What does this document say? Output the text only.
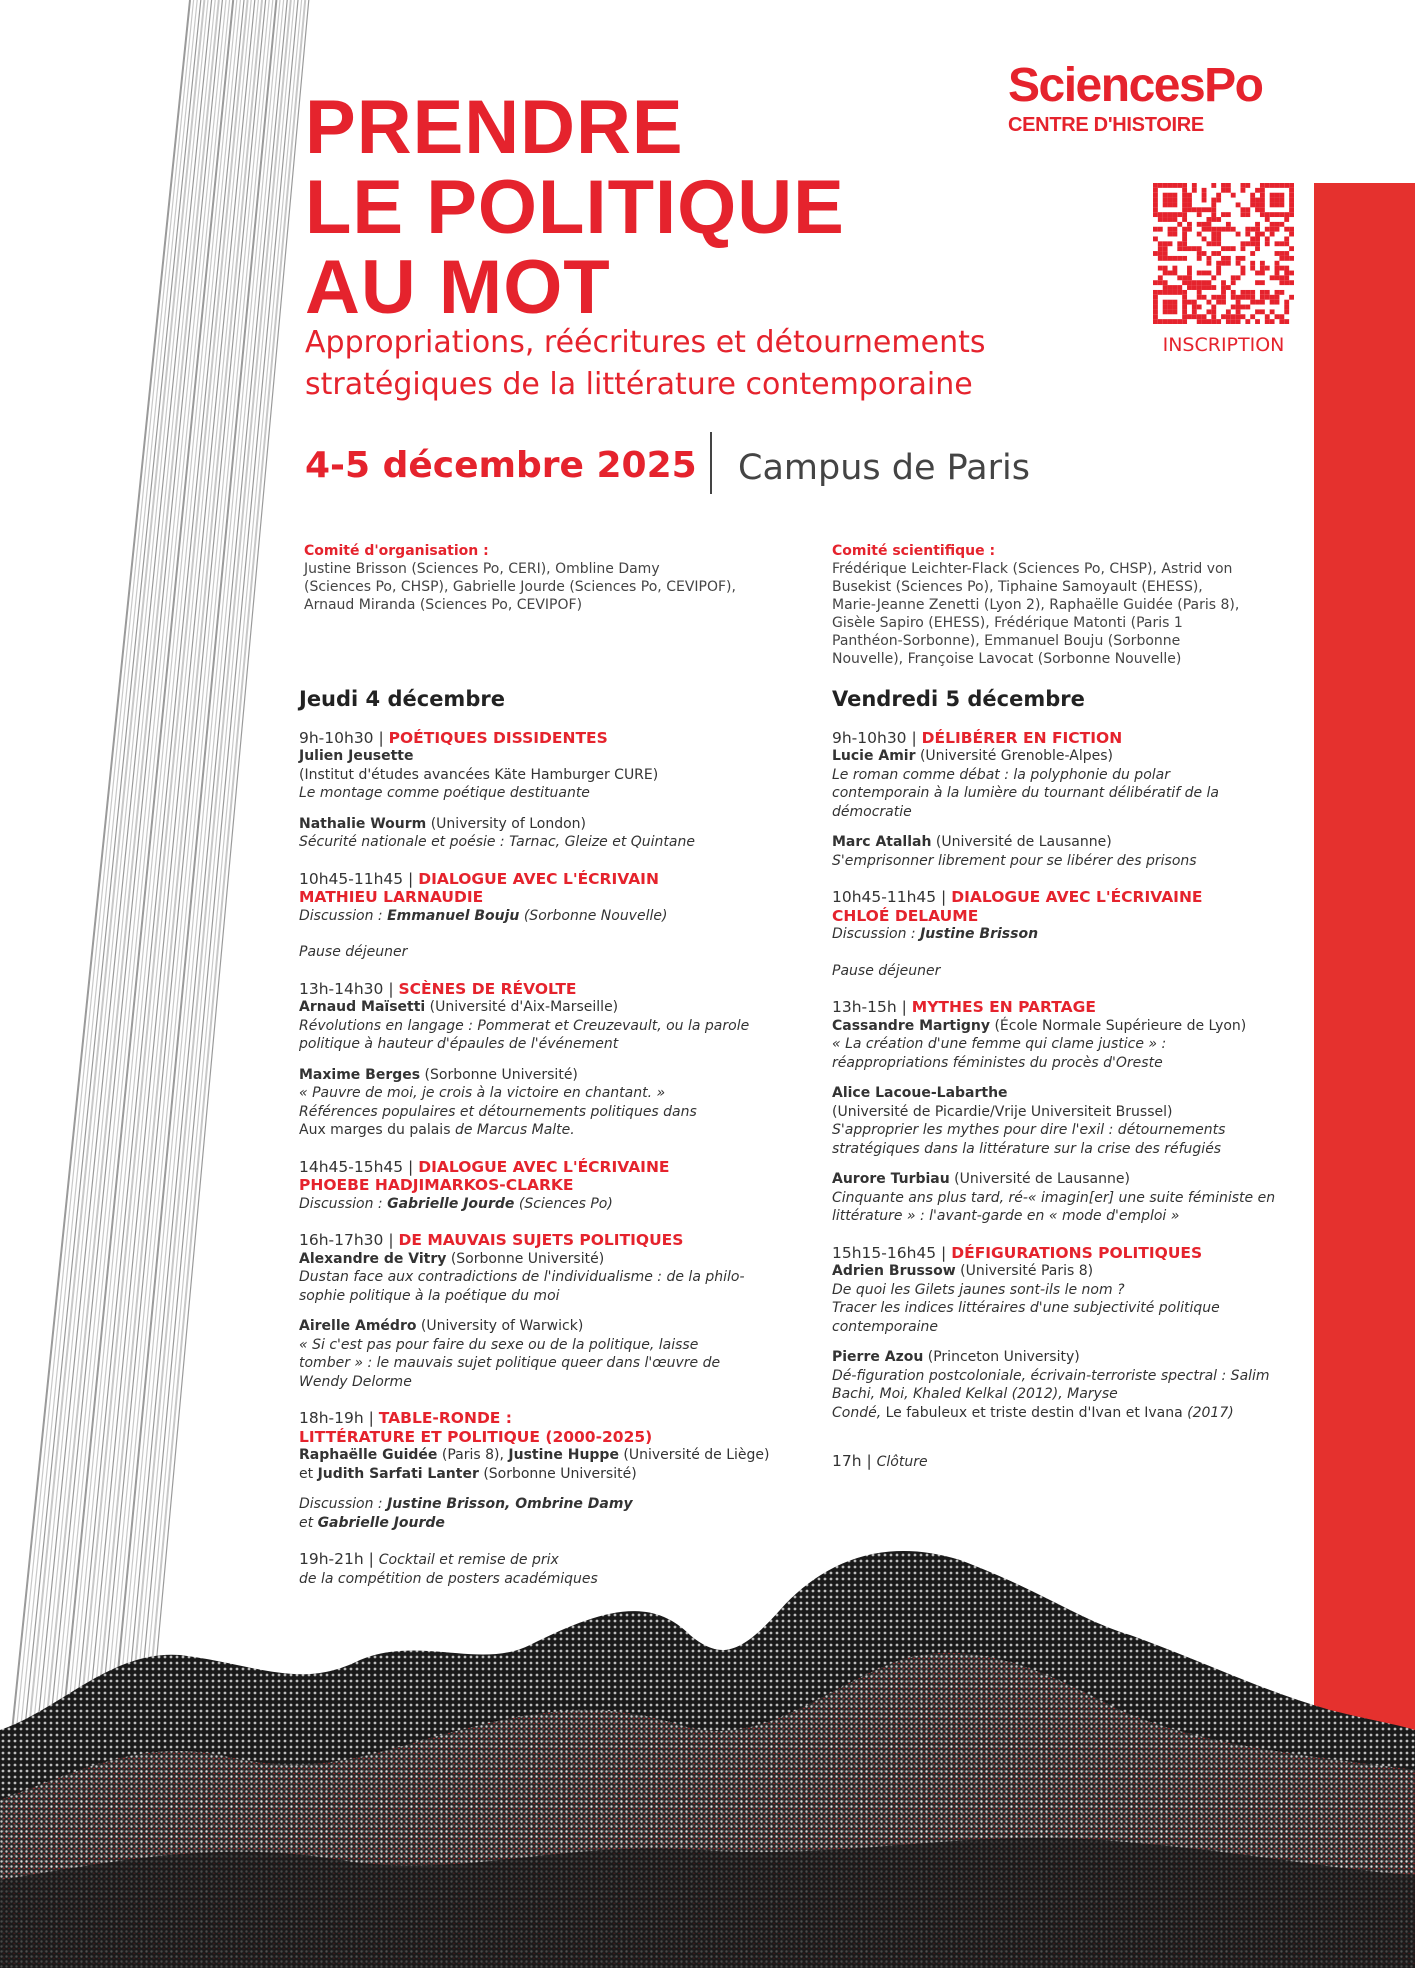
SciencesPo
CENTRE D'HISTOIRE
INSCRIPTION
PRENDRE
LE POLITIQUE
AU MOT
Appropriations, réécritures et détournements
stratégiques de la littérature contemporaine
4-5 décembre 2025 Campus de Paris
Comité d'organisation :
Justine Brisson (Sciences Po, CERI), Ombline Damy
(Sciences Po, CHSP), Gabrielle Jourde (Sciences Po, CEVIPOF),
Arnaud Miranda (Sciences Po, CEVIPOF)
Comité scientifique :
Frédérique Leichter-Flack (Sciences Po, CHSP), Astrid von
Busekist (Sciences Po), Tiphaine Samoyault (EHESS),
Marie-Jeanne Zenetti (Lyon 2), Raphaëlle Guidée (Paris 8),
Gisèle Sapiro (EHESS), Frédérique Matonti (Paris 1
Panthéon-Sorbonne), Emmanuel Bouju (Sorbonne
Nouvelle), Françoise Lavocat (Sorbonne Nouvelle)
Jeudi 4 décembre
9h-10h30 | POÉTIQUES DISSIDENTES
Julien Jeusette
(Institut d'études avancées Käte Hamburger CURE)
Le montage comme poétique destituante
Nathalie Wourm (University of London)
Sécurité nationale et poésie : Tarnac, Gleize et Quintane
10h45-11h45 | DIALOGUE AVEC L'ÉCRIVAIN
MATHIEU LARNAUDIE
Discussion : Emmanuel Bouju (Sorbonne Nouvelle)
Pause déjeuner
13h-14h30 | SCÈNES DE RÉVOLTE
Arnaud Maïsetti (Université d'Aix-Marseille)
Révolutions en langage : Pommerat et Creuzevault, ou la parole
politique à hauteur d'épaules de l'événement
Maxime Berges (Sorbonne Université)
« Pauvre de moi, je crois à la victoire en chantant. »
Références populaires et détournements politiques dans
Aux marges du palais de Marcus Malte.
14h45-15h45 | DIALOGUE AVEC L'ÉCRIVAINE
PHOEBE HADJIMARKOS-CLARKE
Discussion : Gabrielle Jourde (Sciences Po)
16h-17h30 | DE MAUVAIS SUJETS POLITIQUES
Alexandre de Vitry (Sorbonne Université)
Dustan face aux contradictions de l'individualisme : de la philo-
sophie politique à la poétique du moi
Airelle Amédro (University of Warwick)
« Si c'est pas pour faire du sexe ou de la politique, laisse
tomber » : le mauvais sujet politique queer dans l'œuvre de
Wendy Delorme
18h-19h | TABLE-RONDE :
LITTÉRATURE ET POLITIQUE (2000-2025)
Raphaëlle Guidée (Paris 8), Justine Huppe (Université de Liège)
et Judith Sarfati Lanter (Sorbonne Université)
Discussion : Justine Brisson, Ombrine Damy
et Gabrielle Jourde
19h-21h | Cocktail et remise de prix
de la compétition de posters académiques
Vendredi 5 décembre
9h-10h30 | DÉLIBÉRER EN FICTION
Lucie Amir (Université Grenoble-Alpes)
Le roman comme débat : la polyphonie du polar
contemporain à la lumière du tournant délibératif de la
démocratie
Marc Atallah (Université de Lausanne)
S'emprisonner librement pour se libérer des prisons
10h45-11h45 | DIALOGUE AVEC L'ÉCRIVAINE
CHLOÉ DELAUME
Discussion : Justine Brisson
Pause déjeuner
13h-15h | MYTHES EN PARTAGE
Cassandre Martigny (École Normale Supérieure de Lyon)
« La création d'une femme qui clame justice » :
réappropriations féministes du procès d'Oreste
Alice Lacoue-Labarthe
(Université de Picardie/Vrije Universiteit Brussel)
S'approprier les mythes pour dire l'exil : détournements
stratégiques dans la littérature sur la crise des réfugiés
Aurore Turbiau (Université de Lausanne)
Cinquante ans plus tard, ré-« imagin[er] une suite féministe en
littérature » : l'avant-garde en « mode d'emploi »
15h15-16h45 | DÉFIGURATIONS POLITIQUES
Adrien Brussow (Université Paris 8)
De quoi les Gilets jaunes sont-ils le nom ?
Tracer les indices littéraires d'une subjectivité politique
contemporaine
Pierre Azou (Princeton University)
Dé-figuration postcoloniale, écrivain-terroriste spectral : Salim
Bachi, Moi, Khaled Kelkal (2012), Maryse
Condé, Le fabuleux et triste destin d'Ivan et Ivana (2017)
17h | Clôture
